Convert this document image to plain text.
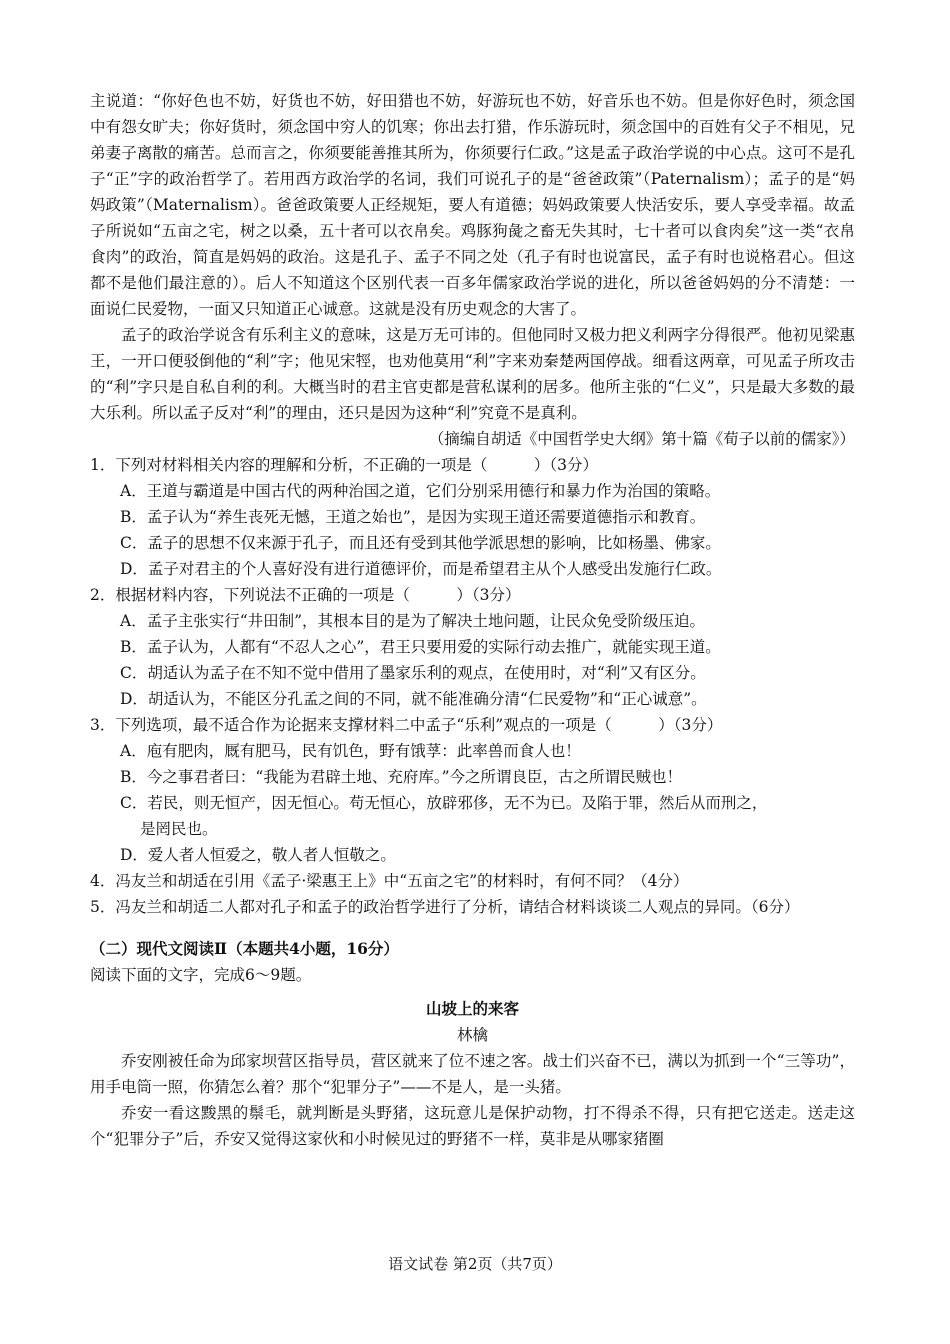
主说道：“你好色也不妨，好货也不妨，好田猎也不妨，好游玩也不妨，好音乐也不妨。但是你好色时，须念国中有怨女旷夫；你好货时，须念国中穷人的饥寒；你出去打猎，作乐游玩时，须念国中的百姓有父子不相见，兄弟妻子离散的痛苦。总而言之，你须要能善推其所为，你须要行仁政。”这是孟子政治学说的中心点。这可不是孔子“正”字的政治哲学了。若用西方政治学的名词，我们可说孔子的是“爸爸政策”（Paternalism）；孟子的是“妈妈政策”（Maternalism）。爸爸政策要人正经规矩，要人有道德；妈妈政策要人快活安乐，要人享受幸福。故孟子所说如“五亩之宅，树之以桑，五十者可以衣帛矣。鸡豚狗彘之畜无失其时，七十者可以食肉矣”这一类“衣帛食肉”的政治，简直是妈妈的政治。这是孔子、孟子不同之处（孔子有时也说富民，孟子有时也说格君心。但这都不是他们最注意的）。后人不知道这个区别代表一百多年儒家政治学说的进化，所以爸爸妈妈的分不清楚：一面说仁民爱物，一面又只知道正心诚意。这就是没有历史观念的大害了。

孟子的政治学说含有乐利主义的意味，这是万无可讳的。但他同时又极力把义利两字分得很严。他初见梁惠王，一开口便驳倒他的“利”字；他见宋牼，也劝他莫用“利”字来劝秦楚两国停战。细看这两章，可见孟子所攻击的“利”字只是自私自利的利。大概当时的君主官吏都是营私谋利的居多。他所主张的“仁义”，只是最大多数的最大乐利。所以孟子反对“利”的理由，还只是因为这种“利”究竟不是真利。

（摘编自胡适《中国哲学史大纲》第十篇《荀子以前的儒家》）

1．下列对材料相关内容的理解和分析，不正确的一项是（　　　）（3分）

A．王道与霸道是中国古代的两种治国之道，它们分别采用德行和暴力作为治国的策略。

B．孟子认为“养生丧死无憾，王道之始也”，是因为实现王道还需要道德指示和教育。

C．孟子的思想不仅来源于孔子，而且还有受到其他学派思想的影响，比如杨墨、佛家。

D．孟子对君主的个人喜好没有进行道德评价，而是希望君主从个人感受出发施行仁政。

2．根据材料内容，下列说法不正确的一项是（　　　）（3分）

A．孟子主张实行“井田制”，其根本目的是为了解决土地问题，让民众免受阶级压迫。

B．孟子认为，人都有“不忍人之心”，君王只要用爱的实际行动去推广，就能实现王道。

C．胡适认为孟子在不知不觉中借用了墨家乐利的观点，在使用时，对“利”又有区分。

D．胡适认为，不能区分孔孟之间的不同，就不能准确分清“仁民爱物”和“正心诚意”。

3．下列选项，最不适合作为论据来支撑材料二中孟子“乐利”观点的一项是（　　　）（3分）

A．庖有肥肉，厩有肥马，民有饥色，野有饿莩：此率兽而食人也！

B．今之事君者曰：“我能为君辟土地、充府库。”今之所谓良臣，古之所谓民贼也！

C．若民，则无恒产，因无恒心。苟无恒心，放辟邪侈，无不为已。及陷于罪，然后从而刑之，

是罔民也。

D．爱人者人恒爱之，敬人者人恒敬之。

4．冯友兰和胡适在引用《孟子·梁惠王上》中“五亩之宅”的材料时，有何不同？（4分）

5．冯友兰和胡适二人都对孔子和孟子的政治哲学进行了分析，请结合材料谈谈二人观点的异同。（6分）

（二）现代文阅读Ⅱ（本题共4小题，16分）

阅读下面的文字，完成6～9题。

山坡上的来客

林檎

乔安刚被任命为邱家坝营区指导员，营区就来了位不速之客。战士们兴奋不已，满以为抓到一个“三等功”，用手电筒一照，你猜怎么着？那个“犯罪分子”——不是人，是一头猪。

乔安一看这黢黑的鬃毛，就判断是头野猪，这玩意儿是保护动物，打不得杀不得，只有把它送走。送走这个“犯罪分子”后，乔安又觉得这家伙和小时候见过的野猪不一样，莫非是从哪家猪圈

语文试卷 第2页（共7页）
